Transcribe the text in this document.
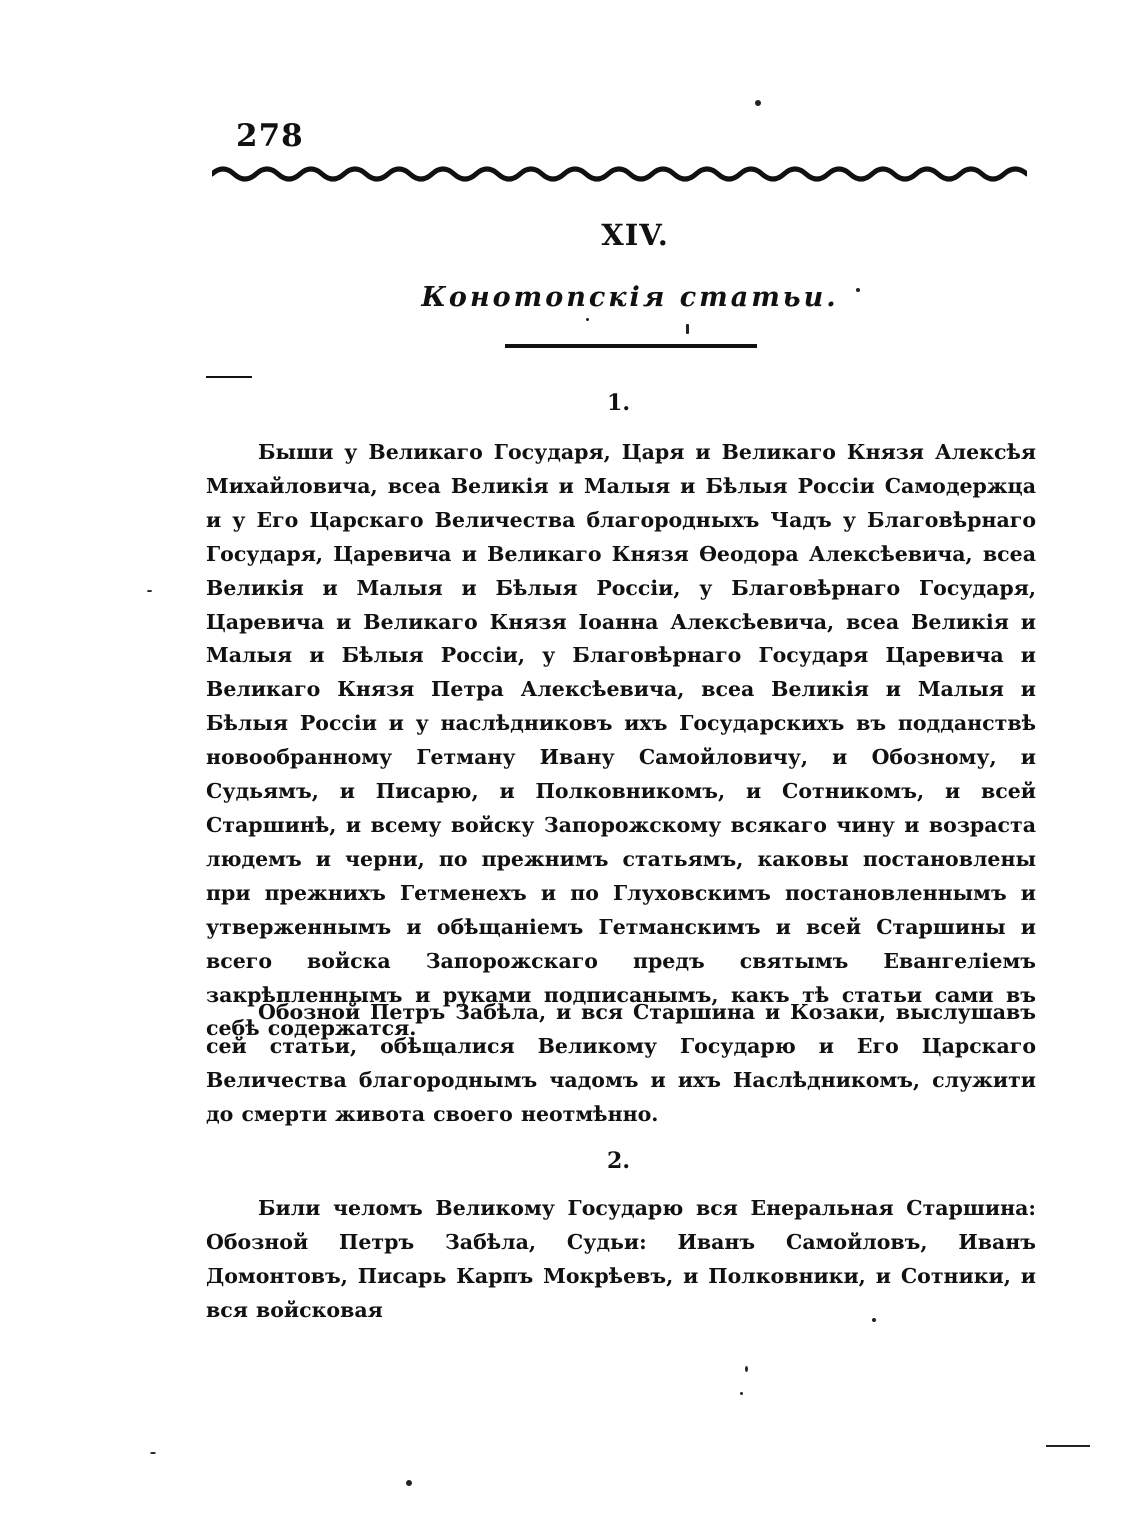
278
XIV.
Конотопскія статьи.
1.

Быши у Великаго Государя, Царя и Великаго Князя Алексѣя Михайловича, всеа Великія и Малыя и Бѣлыя Россіи Самодержца и у Его Царскаго Величества благородныхъ Чадъ у Благовѣрнаго Государя, Царевича и Великаго Князя Ѳеодора Алексѣевича, всеа Великія и Малыя и Бѣлыя Россіи, у Благовѣрнаго Государя, Царевича и Великаго Князя Іоанна Алексѣевича, всеа Великія и Малыя и Бѣлыя Россіи, у Благовѣрнаго Государя Царевича и Великаго Князя Петра Алексѣевича, всеа Великія и Малыя и Бѣлыя Россіи и у наслѣдниковъ ихъ Государскихъ въ подданствѣ новообранному Гетману Ивану Самойловичу, и Обозному, и Судьямъ, и Писарю, и Полковникомъ, и Сотникомъ, и всей Старшинѣ, и всему войску Запорожскому всякаго чину и возраста людемъ и черни, по прежнимъ статьямъ, каковы постановлены при прежнихъ Гетменехъ и по Глуховскимъ постановленнымъ и утверженнымъ и обѣщаніемъ Гетманскимъ и всей Старшины и всего войска Запорожскаго предъ святымъ Евангеліемъ закрѣпленнымъ и руками подписанымъ, какъ тѣ статьи сами въ себѣ содержатся.

Обозной Петръ Забѣла, и вся Старшина и Козаки, выслушавъ сей статьи, обѣщалися Великому Государю и Его Царскаго Величества благороднымъ чадомъ и ихъ Наслѣдникомъ, служити до смерти живота своего неотмѣнно.

2.

Били челомъ Великому Государю вся Енеральная Старшина: Обозной Петръ Забѣла, Судьи: Иванъ Самойловъ, Иванъ Домонтовъ, Писарь Карпъ Мокрѣевъ, и Полковники, и Сотники, и вся войсковая
